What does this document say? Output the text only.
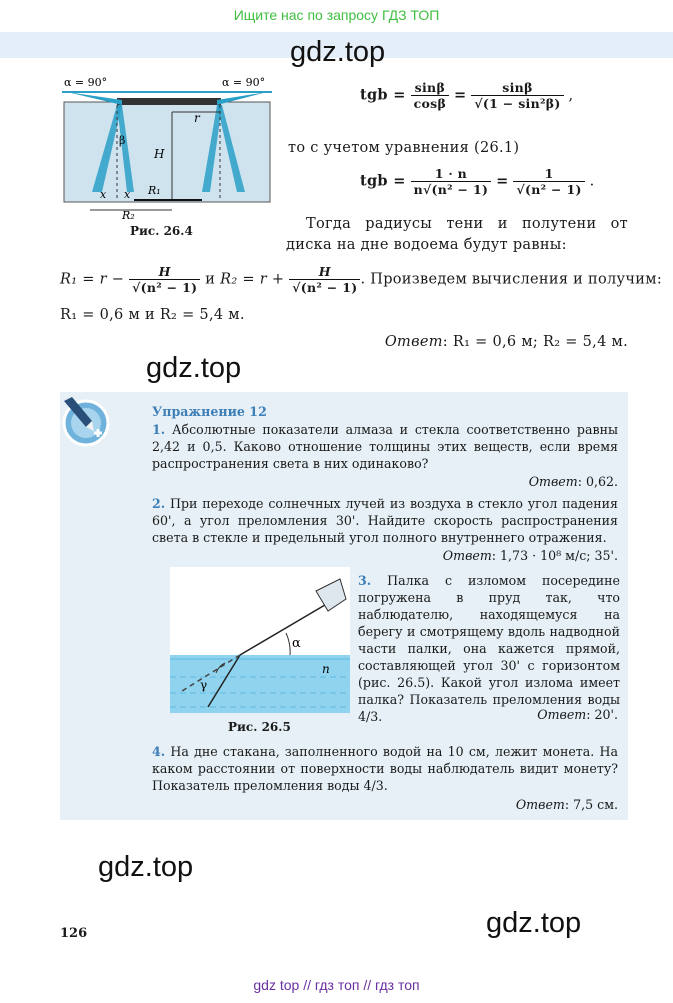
Ищите нас по запросу ГДЗ ТОП
gdz.top
α = 90°	α = 90°
r
β
H
x x R₁
R₂
Рис. 26.4
tgb = $\frac{\sin\beta}{\cos\beta} = \frac{\sin\beta}{\text{√(1 − sin²β)}}$ ,
то с учетом уравнения (26.1)
tgb = $\frac{1 \cdot n}{\text{n√(n² − 1)}} = \frac{1}{\text{√(n² − 1)}}$ .
Тогда радиусы тени и полутени от диска на дне водоема будут равны:
$R_1 = r - \frac{H}{\text{√(n² − 1)}}$ и $R_2 = r + \frac{H}{\text{√(n² − 1)}}$ . Произведем вычисления и получим:
R₁ = 0,6 м и R₂ = 5,4 м.
Ответ: R₁ = 0,6 м; R₂ = 5,4 м.
gdz.top
Упражнение 12
1. Абсолютные показатели алмаза и стекла соответственно равны 2,42 и 0,5. Каково отношение толщины этих веществ, если время распространения света в них одинаково?
Ответ: 0,62.
2. При переходе солнечных лучей из воздуха в стекло угол падения 60', а угол преломления 30'. Найдите скорость распространения света в стекле и предельный угол полного внутреннего отражения.
Ответ: 1,73 · 10⁸ м/с; 35'.
α
γ
n
Рис. 26.5
3. Палка с изломом посередине погружена в пруд так, что наблюдателю, находящемуся на берегу и смотрящему вдоль надводной части палки, она кажется прямой, составляющей угол 30' с горизонтом (рис. 26.5). Какой угол излома имеет палка? Показатель преломления воды 4/3.	Ответ: 20'.
4. На дне стакана, заполненного водой на 10 см, лежит монета. На каком расстоянии от поверхности воды наблюдатель видит монету? Показатель преломления воды 4/3.
Ответ: 7,5 см.
gdz.top
gdz.top
126
gdz top // гдз топ // гдз топ
